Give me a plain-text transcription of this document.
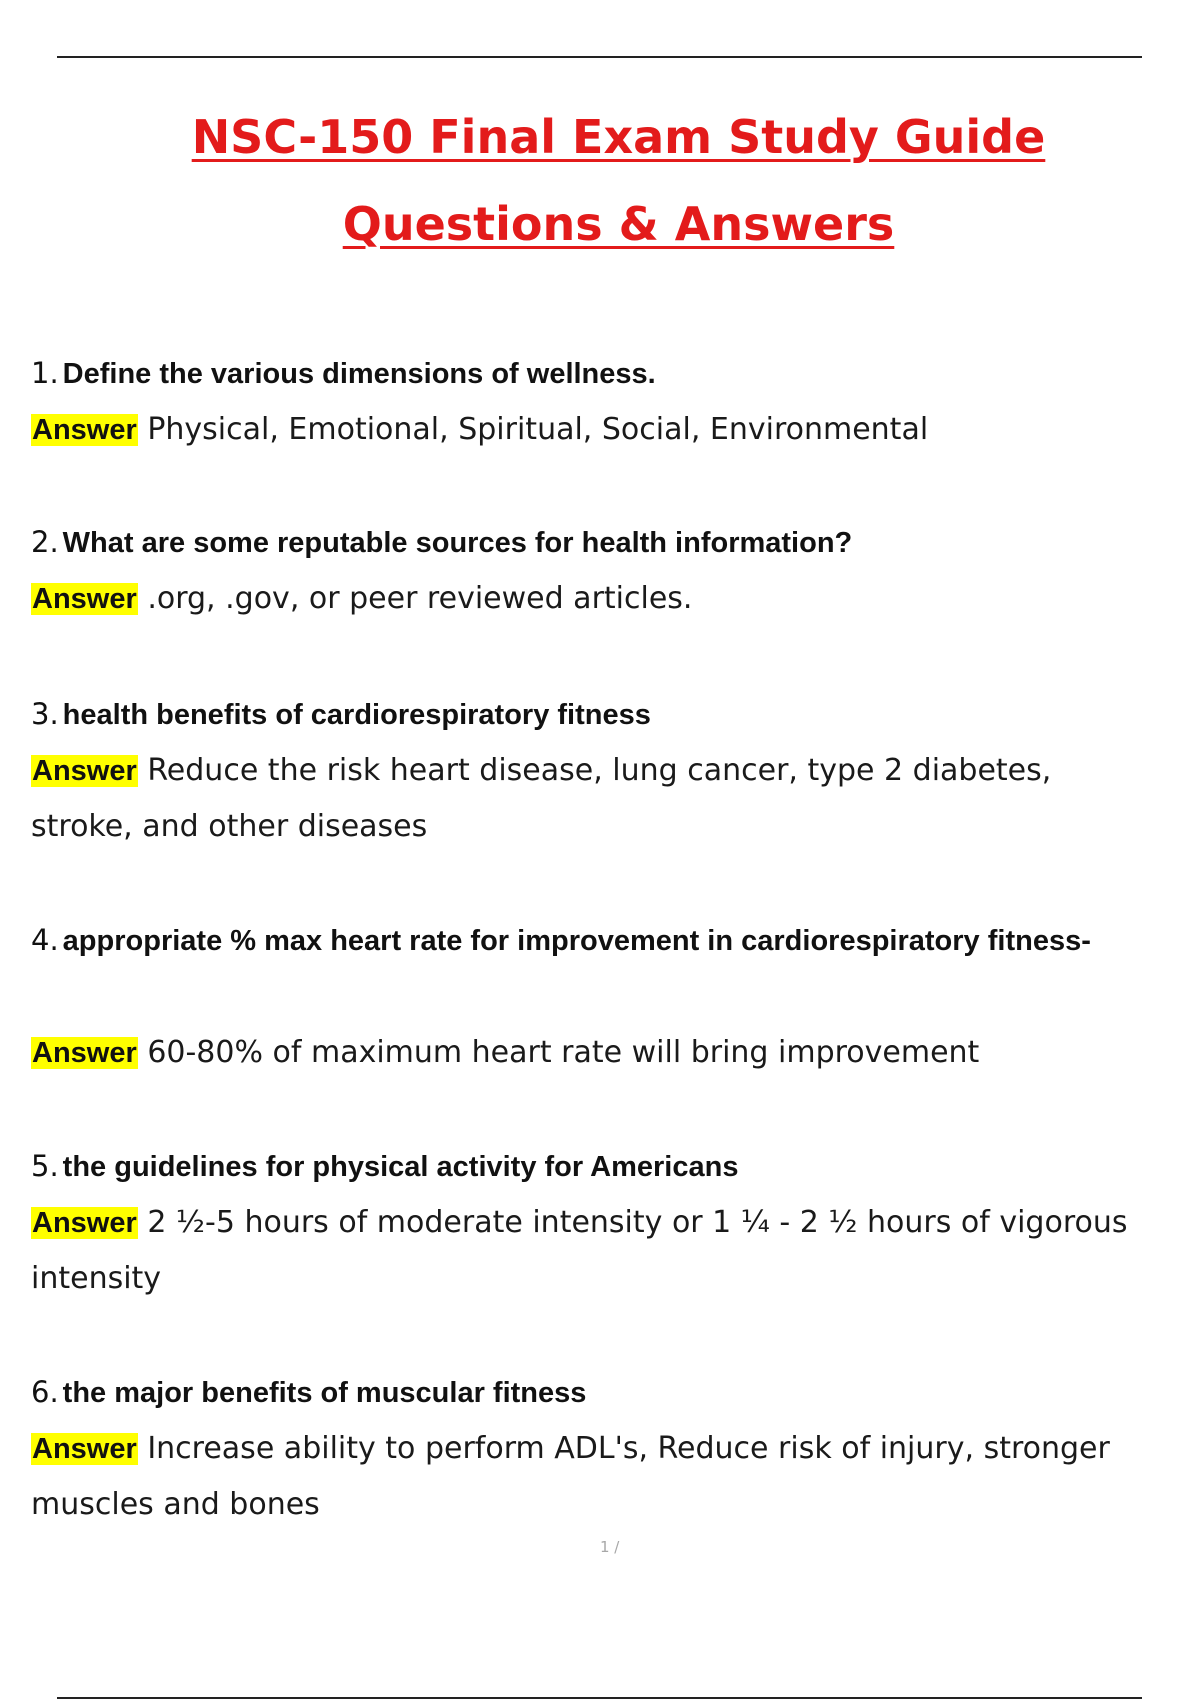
NSC-150 Final Exam Study Guide
Questions & Answers

1. Define the various dimensions of wellness.

Answer Physical, Emotional, Spiritual, Social, Environmental

2. What are some reputable sources for health information?

Answer .org, .gov, or peer reviewed articles.

3. health benefits of cardiorespiratory fitness

Answer Reduce the risk heart disease, lung cancer, type 2 diabetes, stroke, and other diseases

4. appropriate % max heart rate for improvement in cardiorespiratory fitness-

Answer 60-80% of maximum heart rate will bring improvement

5. the guidelines for physical activity for Americans

Answer 2 ½-5 hours of moderate intensity or 1 ¼ - 2 ½ hours of vigorous intensity

6. the major benefits of muscular fitness

Answer Increase ability to perform ADL's, Reduce risk of injury, stronger muscles and bones

1 /
